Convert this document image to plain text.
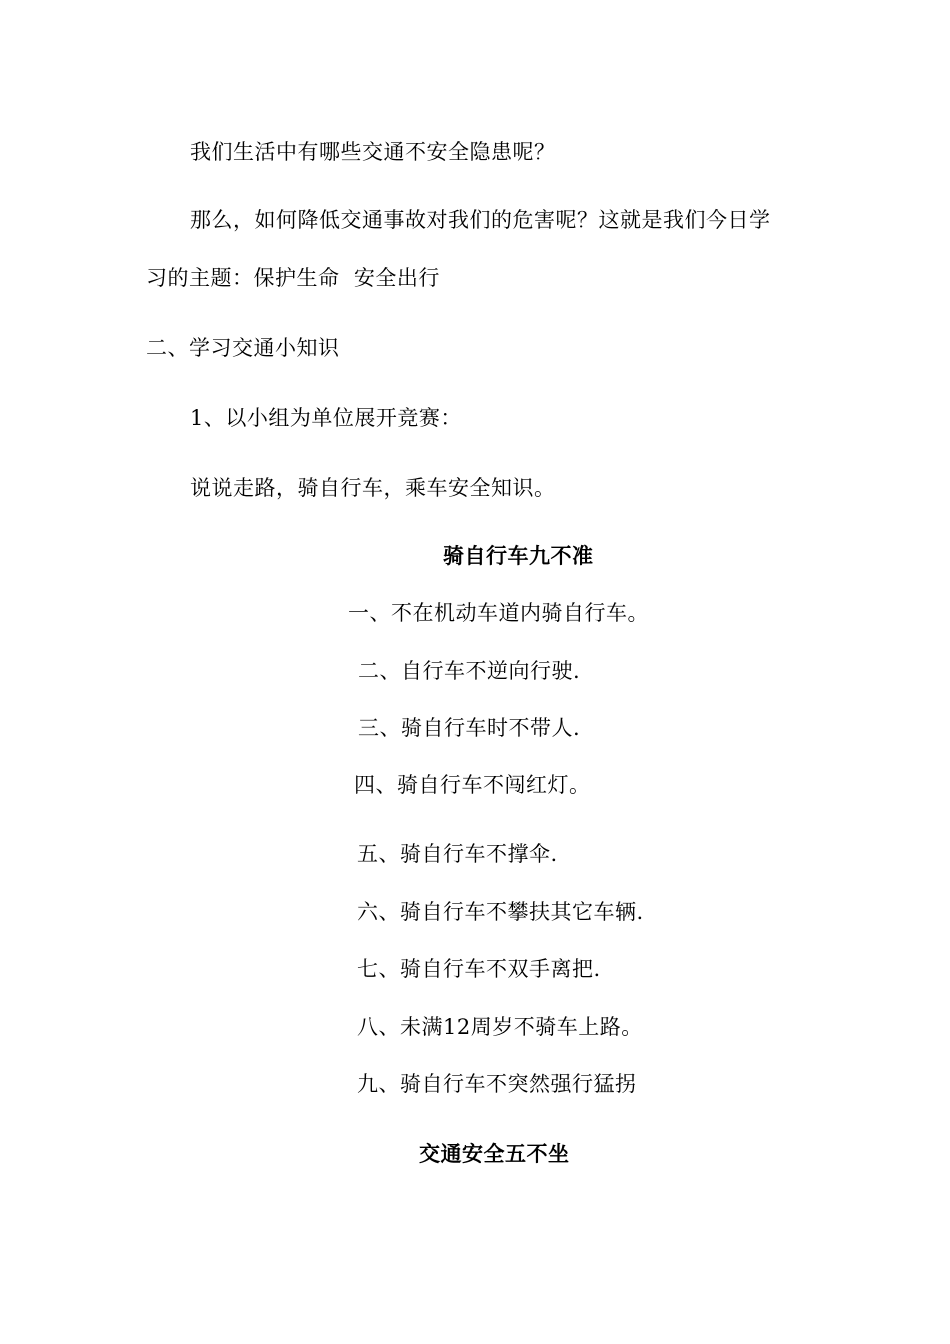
我们生活中有哪些交通不安全隐患呢？
那么，如何降低交通事故对我们的危害呢？这就是我们今日学
习的主题：保护生命  安全出行
二、学习交通小知识
1、以小组为单位展开竞赛：
说说走路，骑自行车，乘车安全知识。
骑自行车九不准
一、不在机动车道内骑自行车。
二、自行车不逆向行驶.
三、骑自行车时不带人.
四、骑自行车不闯红灯。
五、骑自行车不撑伞.
六、骑自行车不攀扶其它车辆.
七、骑自行车不双手离把.
八、未满12周岁不骑车上路。
九、骑自行车不突然强行猛拐
交通安全五不坐
